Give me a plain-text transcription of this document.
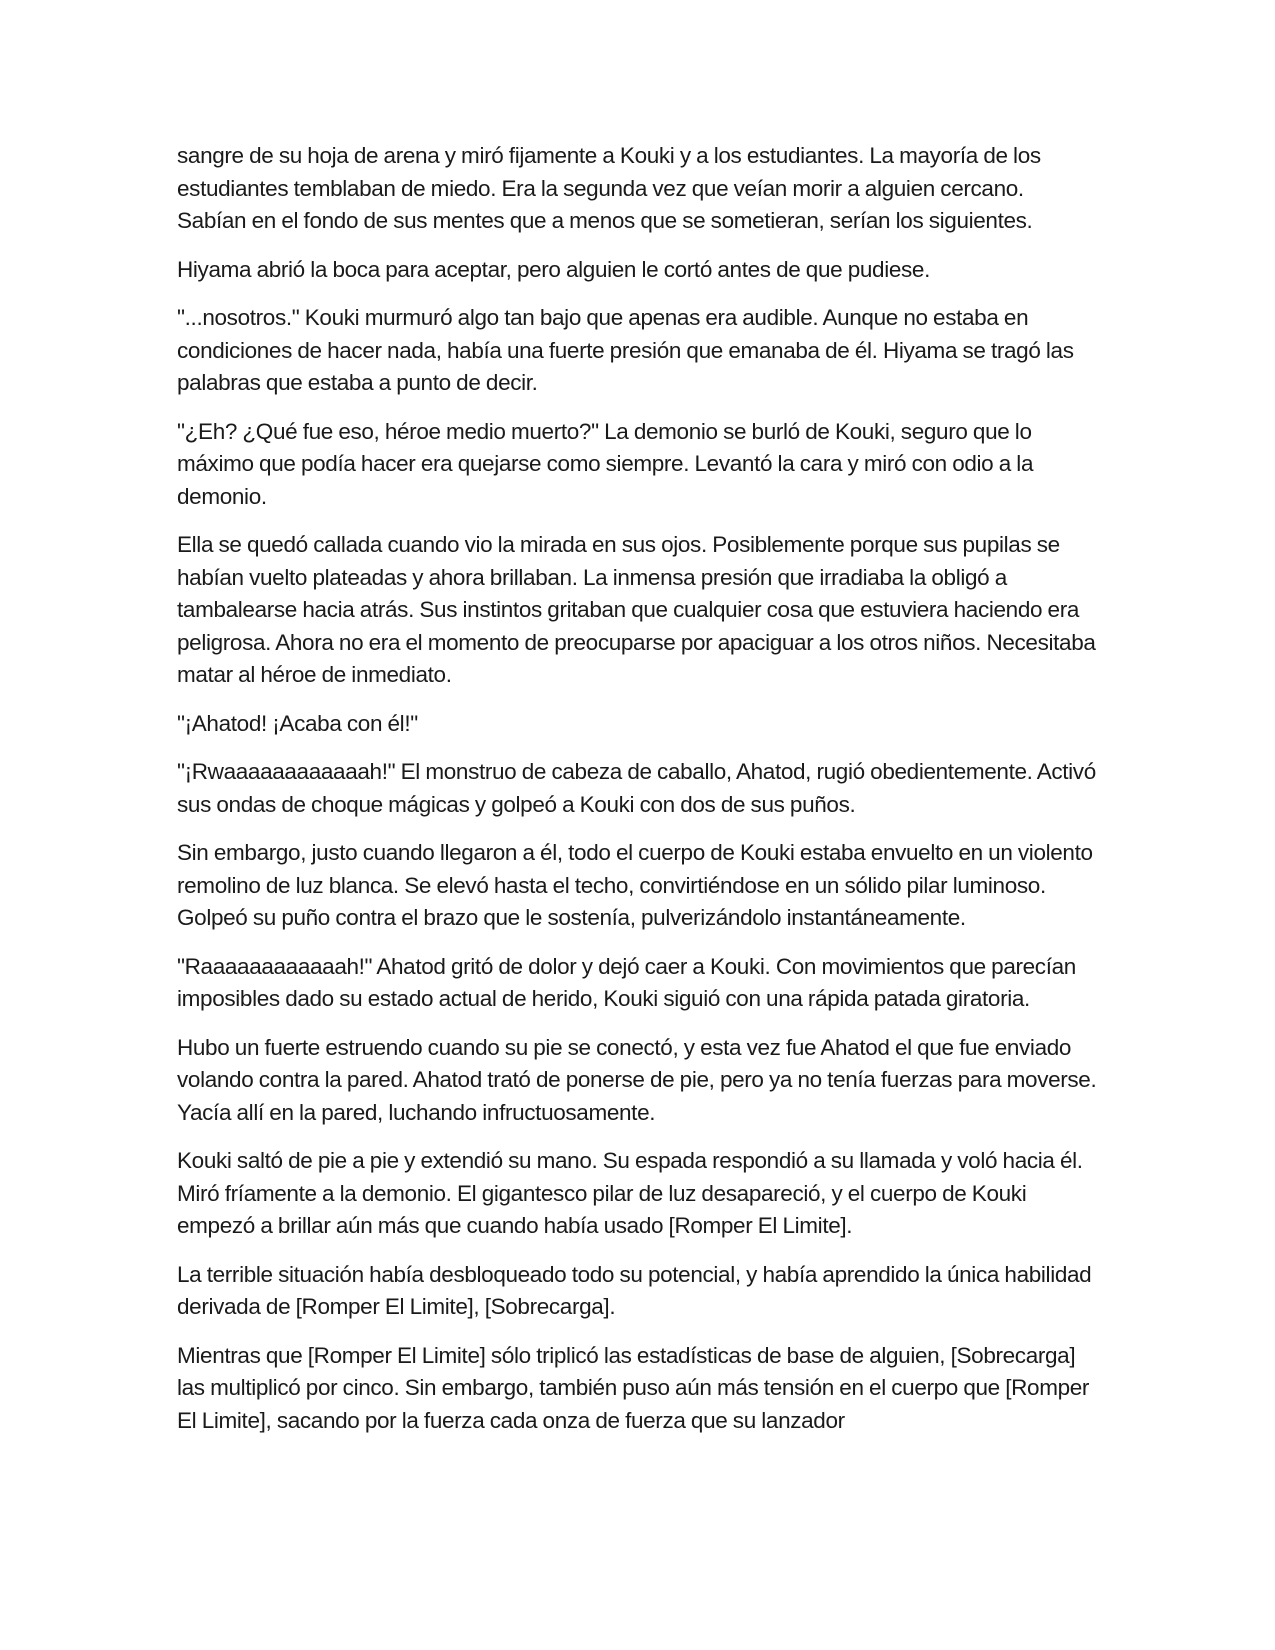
sangre de su hoja de arena y miró fijamente a Kouki y a los estudiantes. La mayoría de los estudiantes temblaban de miedo. Era la segunda vez que veían morir a alguien cercano. Sabían en el fondo de sus mentes que a menos que se sometieran, serían los siguientes.

Hiyama abrió la boca para aceptar, pero alguien le cortó antes de que pudiese.

"...nosotros." Kouki murmuró algo tan bajo que apenas era audible. Aunque no estaba en condiciones de hacer nada, había una fuerte presión que emanaba de él. Hiyama se tragó las palabras que estaba a punto de decir.

"¿Eh? ¿Qué fue eso, héroe medio muerto?" La demonio se burló de Kouki, seguro que lo máximo que podía hacer era quejarse como siempre. Levantó la cara y miró con odio a la demonio.

Ella se quedó callada cuando vio la mirada en sus ojos. Posiblemente porque sus pupilas se habían vuelto plateadas y ahora brillaban. La inmensa presión que irradiaba la obligó a tambalearse hacia atrás. Sus instintos gritaban que cualquier cosa que estuviera haciendo era peligrosa. Ahora no era el momento de preocuparse por apaciguar a los otros niños. Necesitaba matar al héroe de inmediato.

"¡Ahatod! ¡Acaba con él!"

"¡Rwaaaaaaaaaaaah!" El monstruo de cabeza de caballo, Ahatod, rugió obedientemente. Activó sus ondas de choque mágicas y golpeó a Kouki con dos de sus puños.

Sin embargo, justo cuando llegaron a él, todo el cuerpo de Kouki estaba envuelto en un violento remolino de luz blanca. Se elevó hasta el techo, convirtiéndose en un sólido pilar luminoso. Golpeó su puño contra el brazo que le sostenía, pulverizándolo instantáneamente.

"Raaaaaaaaaaaah!" Ahatod gritó de dolor y dejó caer a Kouki. Con movimientos que parecían imposibles dado su estado actual de herido, Kouki siguió con una rápida patada giratoria.

Hubo un fuerte estruendo cuando su pie se conectó, y esta vez fue Ahatod el que fue enviado volando contra la pared. Ahatod trató de ponerse de pie, pero ya no tenía fuerzas para moverse. Yacía allí en la pared, luchando infructuosamente.

Kouki saltó de pie a pie y extendió su mano. Su espada respondió a su llamada y voló hacia él. Miró fríamente a la demonio. El gigantesco pilar de luz desapareció, y el cuerpo de Kouki empezó a brillar aún más que cuando había usado [Romper El Limite].

La terrible situación había desbloqueado todo su potencial, y había aprendido la única habilidad derivada de [Romper El Limite], [Sobrecarga].

Mientras que [Romper El Limite] sólo triplicó las estadísticas de base de alguien, [Sobrecarga] las multiplicó por cinco. Sin embargo, también puso aún más tensión en el cuerpo que [Romper El Limite], sacando por la fuerza cada onza de fuerza que su lanzador
